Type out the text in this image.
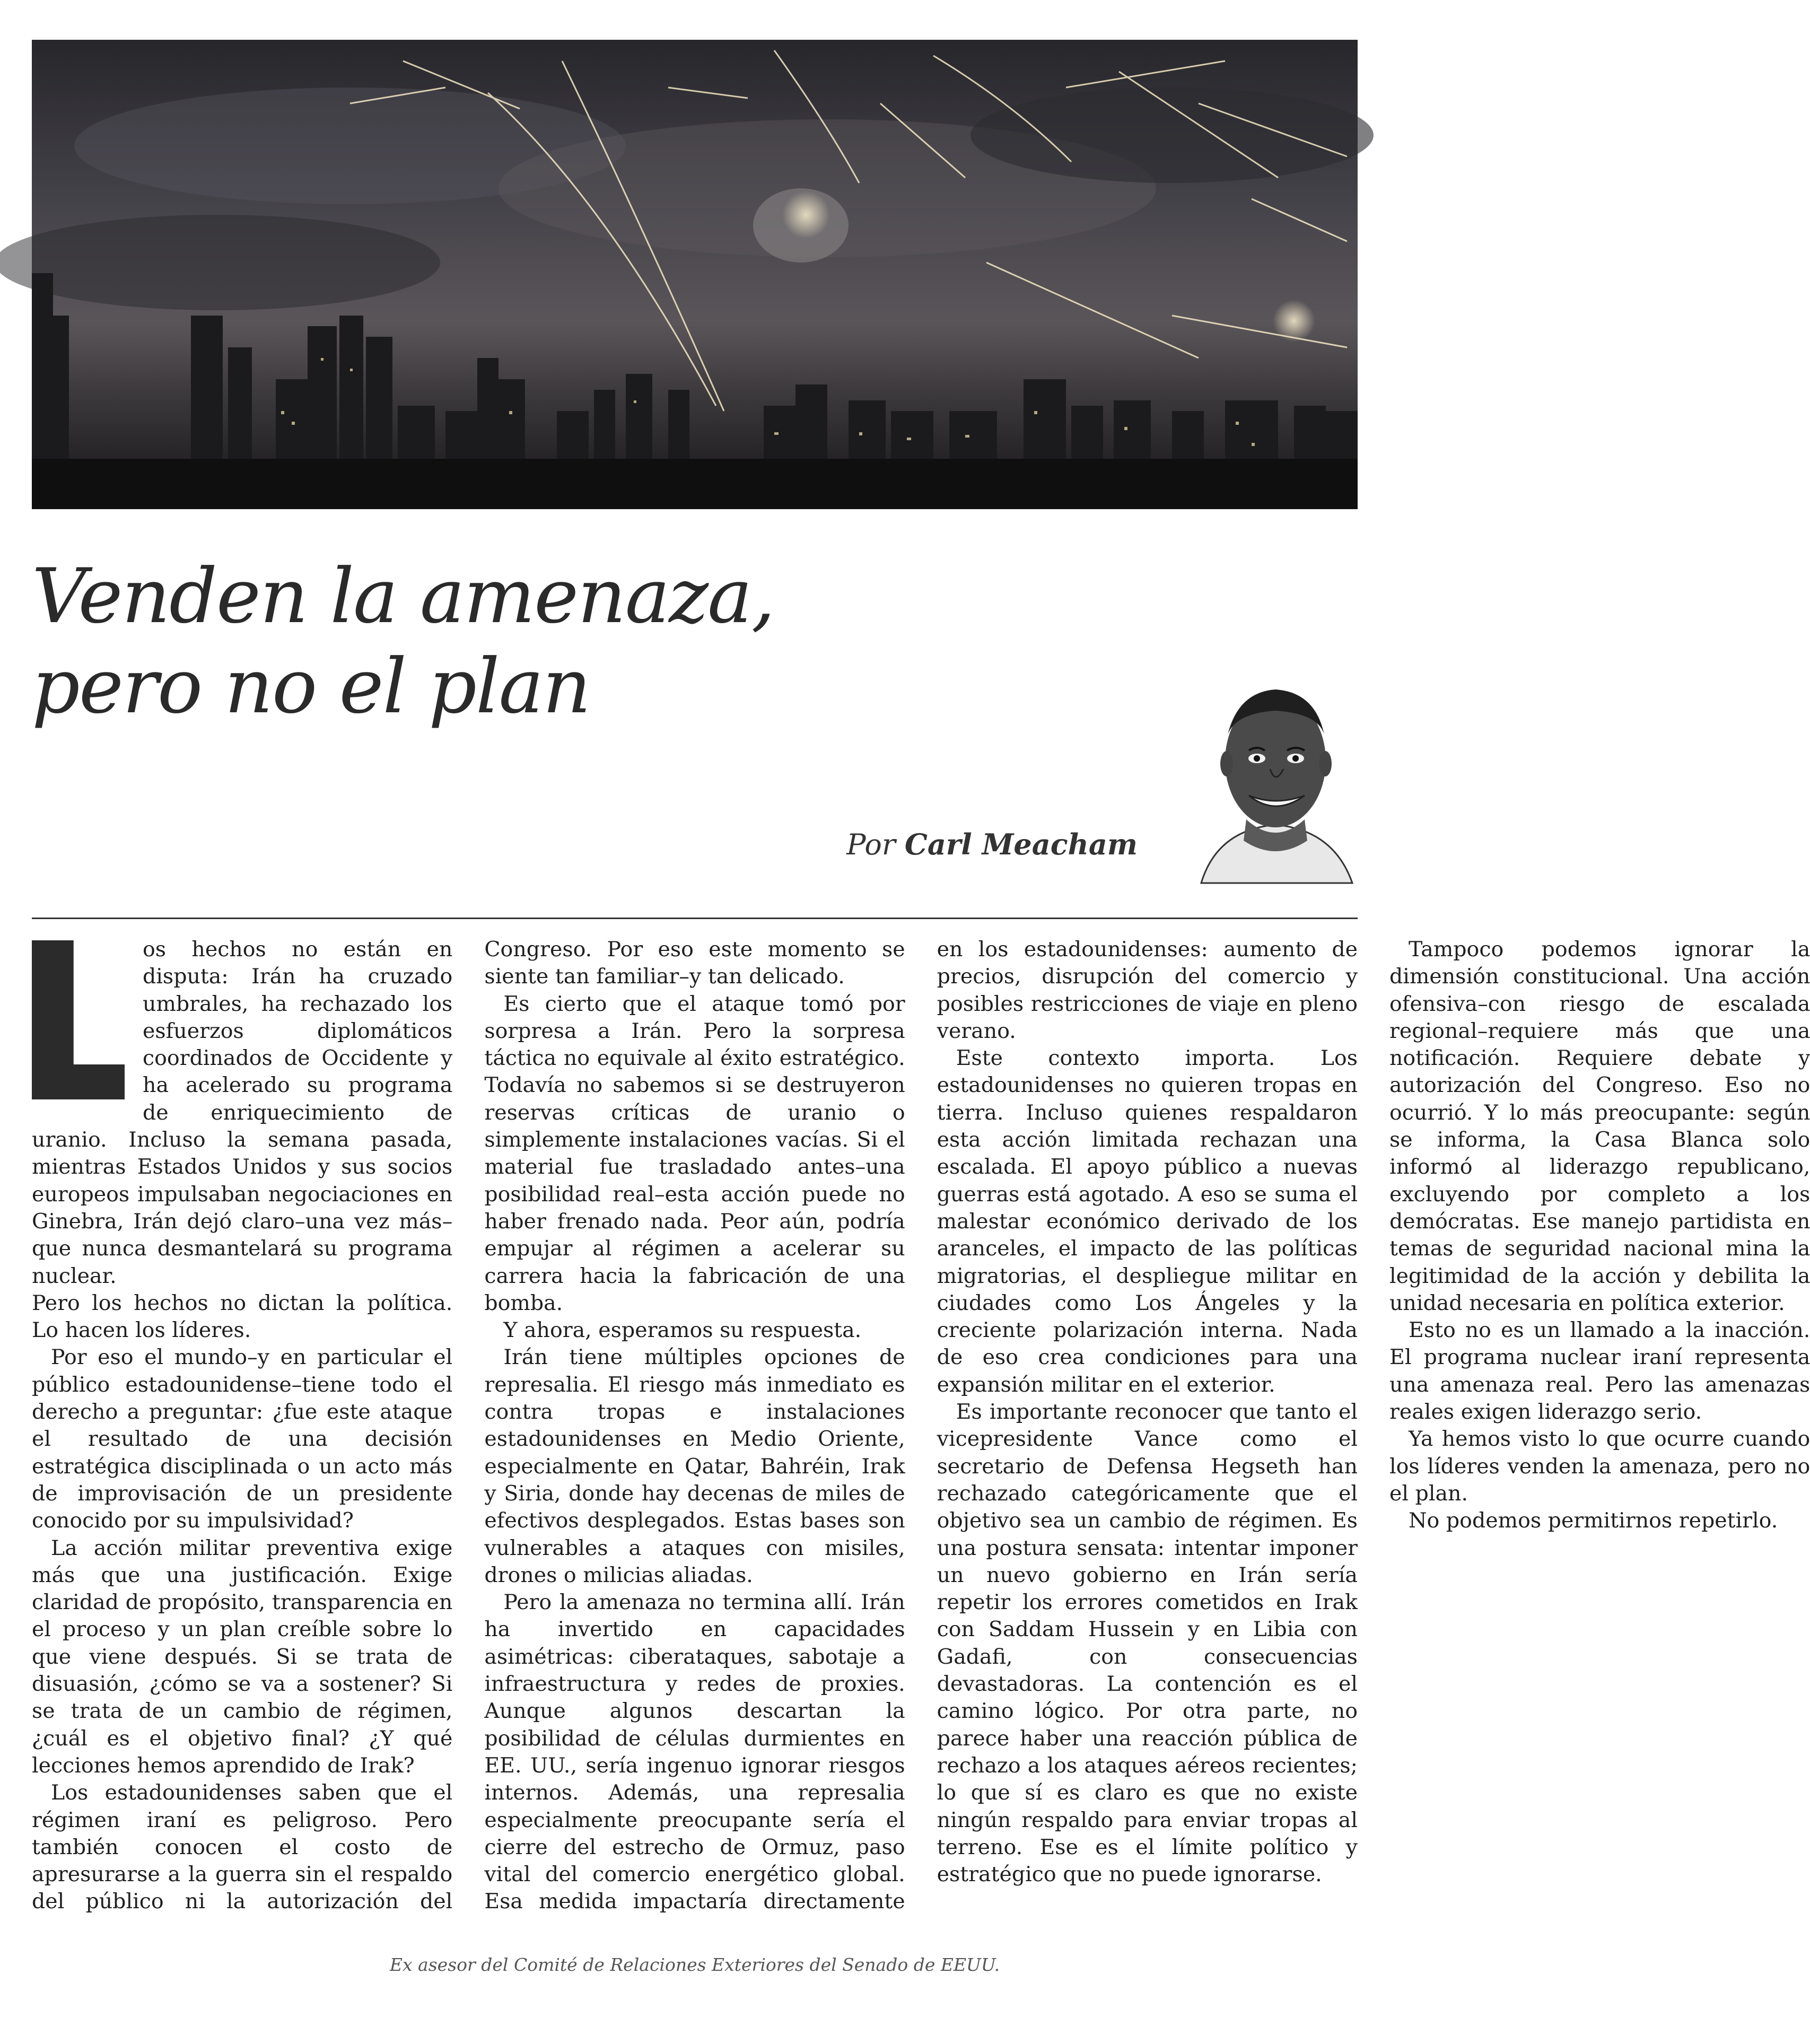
Venden la amenaza,
pero no el plan
Por Carl Meacham

os hechos no están en disputa: Irán ha cruzado umbrales, ha rechazado los esfuerzos diplomáticos coordinados de Occidente y ha acelerado su programa de enriquecimiento de uranio. Incluso la semana pasada, mientras Estados Unidos y sus socios europeos impulsaban negociaciones en Ginebra, Irán dejó claro–una vez más–que nunca desmantelará su programa nuclear.

Pero los hechos no dictan la política. Lo hacen los líderes.

Por eso el mundo–y en particular el público estadounidense–tiene todo el derecho a preguntar: ¿fue este ataque el resultado de una decisión estratégica disciplinada o un acto más de improvisación de un presidente conocido por su impulsividad?

La acción militar preventiva exige más que una justificación. Exige claridad de propósito, transparencia en el proceso y un plan creíble sobre lo que viene después. Si se trata de disuasión, ¿cómo se va a sostener? Si se trata de un cambio de régimen, ¿cuál es el objetivo final? ¿Y qué lecciones hemos aprendido de Irak?

Los estadounidenses saben que el régimen iraní es peligroso. Pero también conocen el costo de apresurarse a la guerra sin el respaldo del público ni la autorización del Congreso. Por eso este momento se siente tan familiar–y tan delicado.

Es cierto que el ataque tomó por sorpresa a Irán. Pero la sorpresa táctica no equivale al éxito estratégico. Todavía no sabemos si se destruyeron reservas críticas de uranio o simplemente instalaciones vacías. Si el material fue trasladado antes–una posibilidad real–esta acción puede no haber frenado nada. Peor aún, podría empujar al régimen a acelerar su carrera hacia la fabricación de una bomba.

Y ahora, esperamos su respuesta.

Irán tiene múltiples opciones de represalia. El riesgo más inmediato es contra tropas e instalaciones estadounidenses en Medio Oriente, especialmente en Qatar, Bahréin, Irak y Siria, donde hay decenas de miles de efectivos desplegados. Estas bases son vulnerables a ataques con misiles, drones o milicias aliadas.

Pero la amenaza no termina allí. Irán ha invertido en capacidades asimétricas: ciberataques, sabotaje a infraestructura y redes de proxies. Aunque algunos descartan la posibilidad de células durmientes en EE. UU., sería ingenuo ignorar riesgos internos. Además, una represalia especialmente preocupante sería el cierre del estrecho de Ormuz, paso vital del comercio energético global. Esa medida impactaría directamente en los estadounidenses: aumento de precios, disrupción del comercio y posibles restricciones de viaje en pleno verano.

Este contexto importa. Los estadounidenses no quieren tropas en tierra. Incluso quienes respaldaron esta acción limitada rechazan una escalada. El apoyo público a nuevas guerras está agotado. A eso se suma el malestar económico derivado de los aranceles, el impacto de las políticas migratorias, el despliegue militar en ciudades como Los Ángeles y la creciente polarización interna. Nada de eso crea condiciones para una expansión militar en el exterior.

Es importante reconocer que tanto el vicepresidente Vance como el secretario de Defensa Hegseth han rechazado categóricamente que el objetivo sea un cambio de régimen. Es una postura sensata: intentar imponer un nuevo gobierno en Irán sería repetir los errores cometidos en Irak con Saddam Hussein y en Libia con Gadafi, con consecuencias devastadoras. La contención es el camino lógico. Por otra parte, no parece haber una reacción pública de rechazo a los ataques aéreos recientes; lo que sí es claro es que no existe ningún respaldo para enviar tropas al terreno. Ese es el límite político y estratégico que no puede ignorarse.

Tampoco podemos ignorar la dimensión constitucional. Una acción ofensiva–con riesgo de escalada regional–requiere más que una notificación. Requiere debate y autorización del Congreso. Eso no ocurrió. Y lo más preocupante: según se informa, la Casa Blanca solo informó al liderazgo republicano, excluyendo por completo a los demócratas. Ese manejo partidista en temas de seguridad nacional mina la legitimidad de la acción y debilita la unidad necesaria en política exterior.

Esto no es un llamado a la inacción. El programa nuclear iraní representa una amenaza real. Pero las amenazas reales exigen liderazgo serio.

Ya hemos visto lo que ocurre cuando los líderes venden la amenaza, pero no el plan.

No podemos permitirnos repetirlo.

Ex asesor del Comité de Relaciones Exteriores del Senado de EEUU.
